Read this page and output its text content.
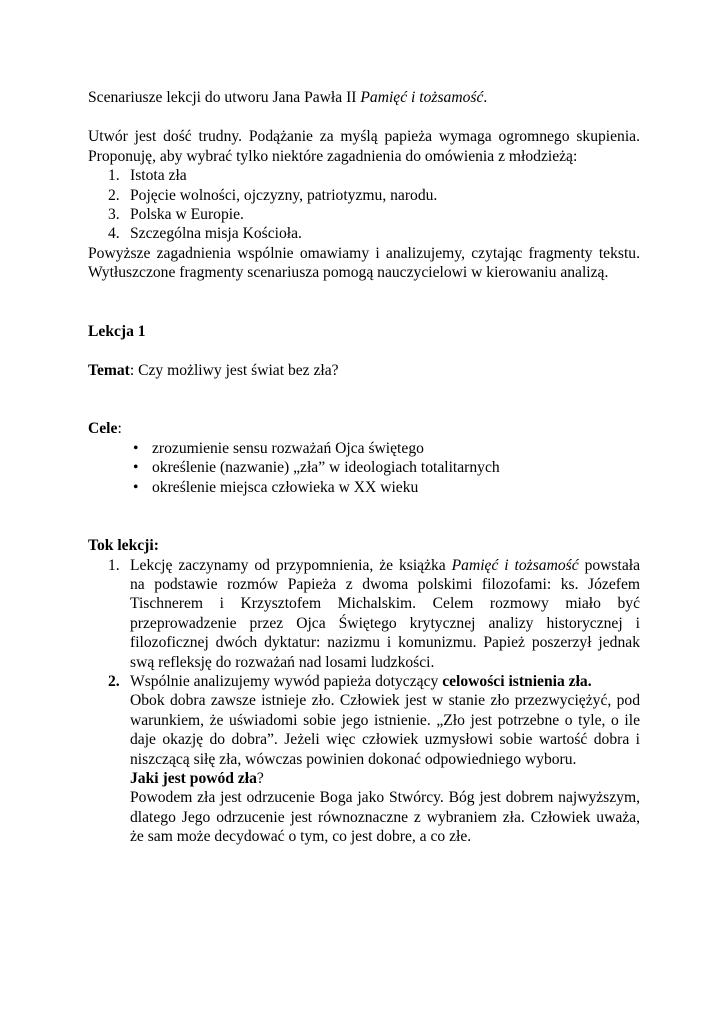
Scenariusze lekcji do utworu Jana Pawła II Pamięć i tożsamość.

Utwór jest dość trudny. Podążanie za myślą papieża wymaga ogromnego skupienia. Proponuję, aby wybrać tylko niektóre zagadnienia do omówienia z młodzieżą:

1. Istota zła
2. Pojęcie wolności, ojczyzny, patriotyzmu, narodu.
3. Polska w Europie.
4. Szczególna misja Kościoła.

Powyższe zagadnienia wspólnie omawiamy i analizujemy, czytając fragmenty tekstu. Wytłuszczone fragmenty scenariusza pomogą nauczycielowi w kierowaniu analizą.

Lekcja 1

Temat: Czy możliwy jest świat bez zła?

Cele:

• zrozumienie sensu rozważań Ojca świętego
• określenie (nazwanie) „zła” w ideologiach totalitarnych
• określenie miejsca człowieka w XX wieku

Tok lekcji:

1. Lekcję zaczynamy od przypomnienia, że książka Pamięć i tożsamość powstała na podstawie rozmów Papieża z dwoma polskimi filozofami: ks. Józefem Tischnerem i Krzysztofem Michalskim. Celem rozmowy miało być przeprowadzenie przez Ojca Świętego krytycznej analizy historycznej i filozoficznej dwóch dyktatur: nazizmu i komunizmu. Papież poszerzył jednak swą refleksję do rozważań nad losami ludzkości.
2. Wspólnie analizujemy wywód papieża dotyczący celowości istnienia zła.
Obok dobra zawsze istnieje zło. Człowiek jest w stanie zło przezwyciężyć, pod warunkiem, że uświadomi sobie jego istnienie. „Zło jest potrzebne o tyle, o ile daje okazję do dobra”. Jeżeli więc człowiek uzmysłowi sobie wartość dobra i niszczącą siłę zła, wówczas powinien dokonać odpowiedniego wyboru.
Jaki jest powód zła?
Powodem zła jest odrzucenie Boga jako Stwórcy. Bóg jest dobrem najwyższym, dlatego Jego odrzucenie jest równoznaczne z wybraniem zła. Człowiek uważa, że sam może decydować o tym, co jest dobre, a co złe.
